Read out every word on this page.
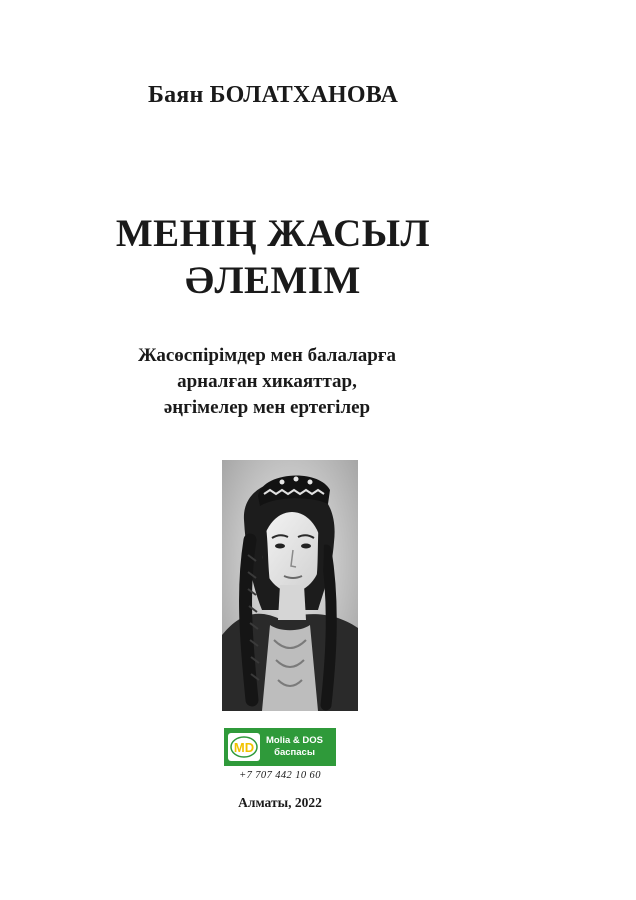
Баян БОЛАТХАНОВА
МЕНІҢ ЖАСЫЛ
ӘЛЕМІМ
Жасөспірімдер мен балаларға
арналған хикаяттар,
әңгімелер мен ертегілер
MD Molia & DOS
баспасы
+7 707 442 10 60
Алматы, 2022
